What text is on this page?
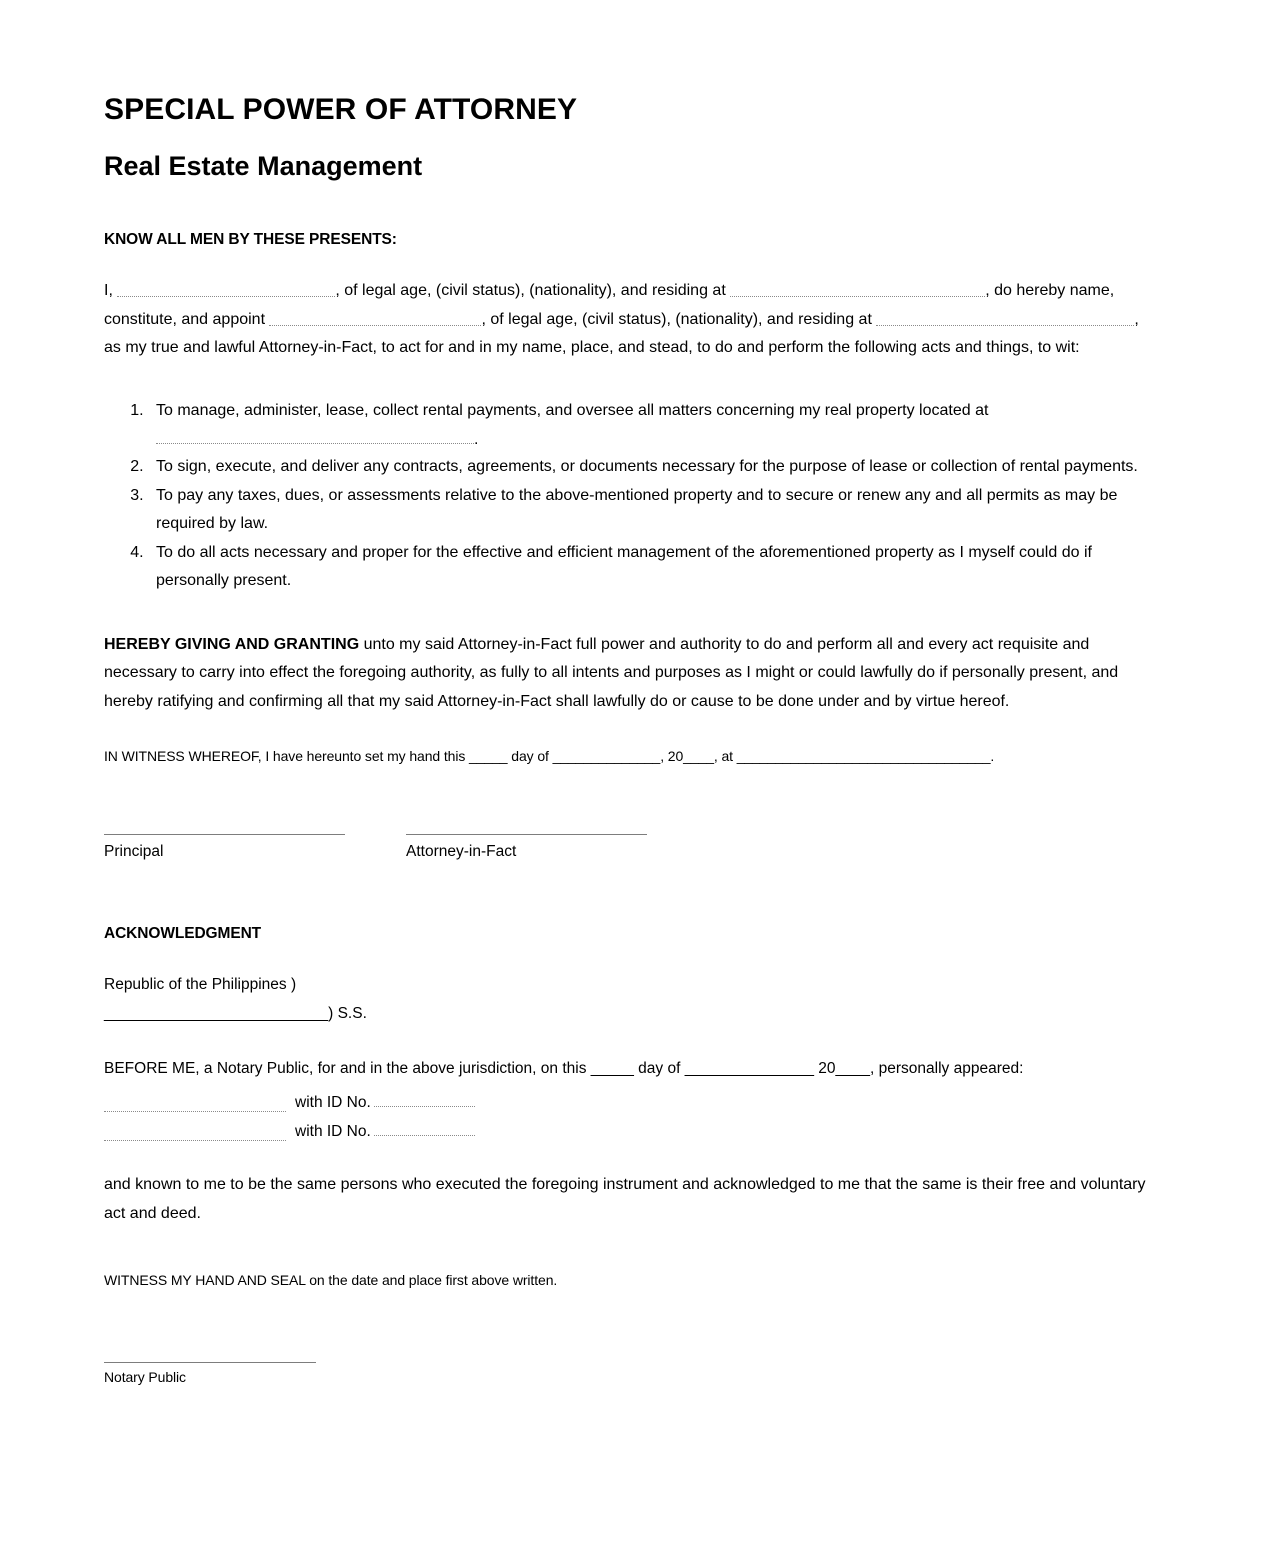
SPECIAL POWER OF ATTORNEY
Real Estate Management

KNOW ALL MEN BY THESE PRESENTS:

I,	, of legal age, (civil status), (nationality), and residing at	, do hereby name, constitute, and appoint	, of legal age, (civil status), (nationality), and residing at	, as my true and lawful Attorney-in-Fact, to act for and in my name, place, and stead, to do and perform the following acts and things, to wit:

1. To manage, administer, lease, collect rental payments, and oversee all matters concerning my real property located at
.
2. To sign, execute, and deliver any contracts, agreements, or documents necessary for the purpose of lease or collection of rental payments.
3. To pay any taxes, dues, or assessments relative to the above-mentioned property and to secure or renew any and all permits as may be required by law.
4. To do all acts necessary and proper for the effective and efficient management of the aforementioned property as I myself could do if personally present.

HEREBY GIVING AND GRANTING unto my said Attorney-in-Fact full power and authority to do and perform all and every act requisite and necessary to carry into effect the foregoing authority, as fully to all intents and purposes as I might or could lawfully do if personally present, and hereby ratifying and confirming all that my said Attorney-in-Fact shall lawfully do or cause to be done under and by virtue hereof.

IN WITNESS WHEREOF, I have hereunto set my hand this _____ day of ______________, 20____, at _________________________________.

Principal	Attorney-in-Fact

ACKNOWLEDGMENT

Republic of the Philippines )

__________________________) S.S.

BEFORE ME, a Notary Public, for and in the above jurisdiction, on this _____ day of _______________ 20____, personally appeared:

	with ID No.

	with ID No.

and known to me to be the same persons who executed the foregoing instrument and acknowledged to me that the same is their free and voluntary act and deed.

WITNESS MY HAND AND SEAL on the date and place first above written.

Notary Public
